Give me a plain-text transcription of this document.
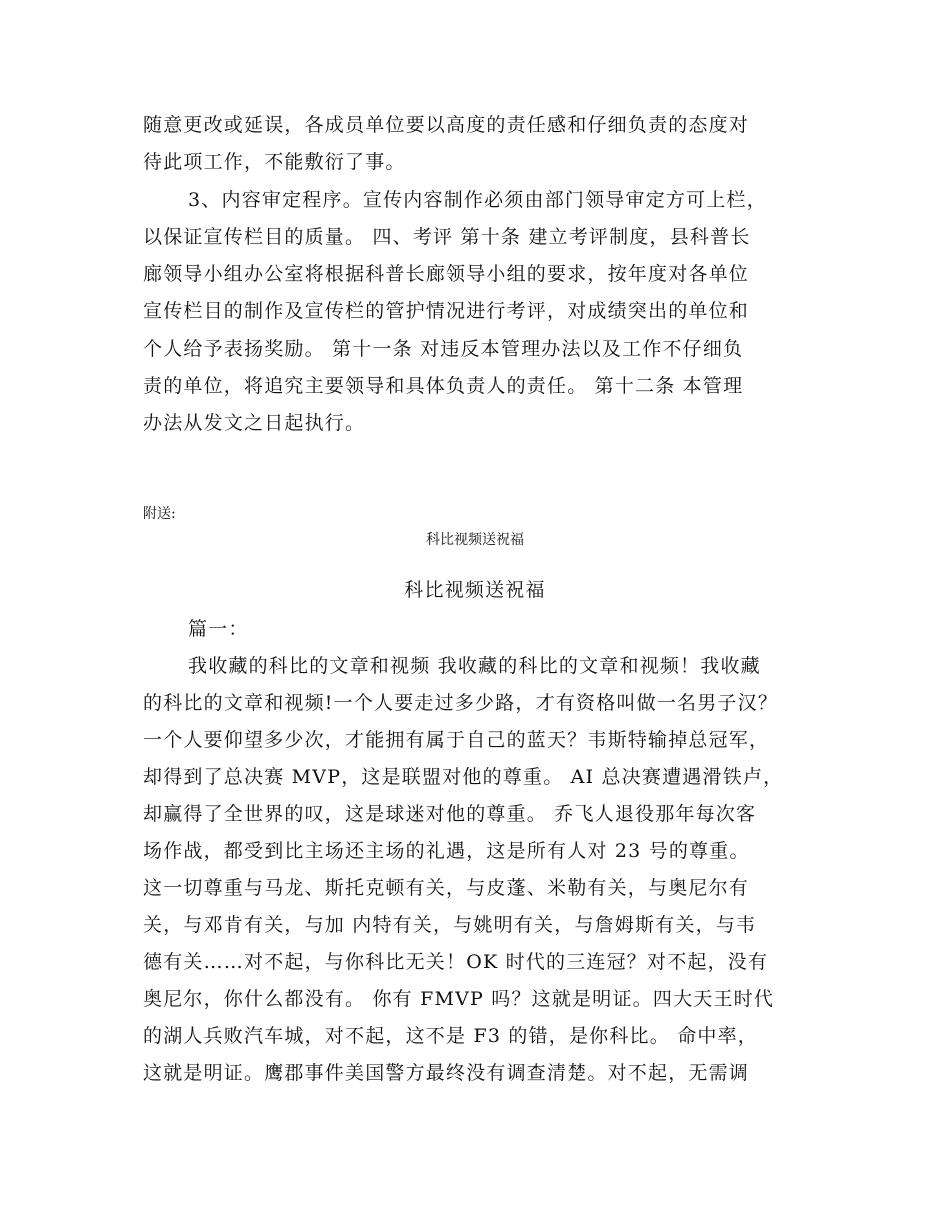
随意更改或延误，各成员单位要以高度的责任感和仔细负责的态度对
待此项工作，不能敷衍了事。
3、内容审定程序。宣传内容制作必须由部门领导审定方可上栏，
以保证宣传栏目的质量。 四、考评 第十条 建立考评制度，县科普长
廊领导小组办公室将根据科普长廊领导小组的要求，按年度对各单位
宣传栏目的制作及宣传栏的管护情况进行考评，对成绩突出的单位和
个人给予表扬奖励。 第十一条 对违反本管理办法以及工作不仔细负
责的单位，将追究主要领导和具体负责人的责任。 第十二条 本管理
办法从发文之日起执行。
附送:
科比视频送祝福
科比视频送祝福
篇一：
我收藏的科比的文章和视频 我收藏的科比的文章和视频！我收藏
的科比的文章和视频!一个人要走过多少路，才有资格叫做一名男子汉？
一个人要仰望多少次，才能拥有属于自己的蓝天？韦斯特输掉总冠军，
却得到了总决赛 MVP，这是联盟对他的尊重。 AI 总决赛遭遇滑铁卢，
却赢得了全世界的叹，这是球迷对他的尊重。 乔飞人退役那年每次客
场作战，都受到比主场还主场的礼遇，这是所有人对 23 号的尊重。
这一切尊重与马龙、斯托克顿有关，与皮蓬、米勒有关，与奥尼尔有
关，与邓肯有关，与加 内特有关，与姚明有关，与詹姆斯有关，与韦
德有关……对不起，与你科比无关！OK 时代的三连冠？对不起，没有
奥尼尔，你什么都没有。 你有 FMVP 吗？这就是明证。四大天王时代
的湖人兵败汽车城，对不起，这不是 F3 的错，是你科比。 命中率，
这就是明证。鹰郡事件美国警方最终没有调查清楚。对不起，无需调
